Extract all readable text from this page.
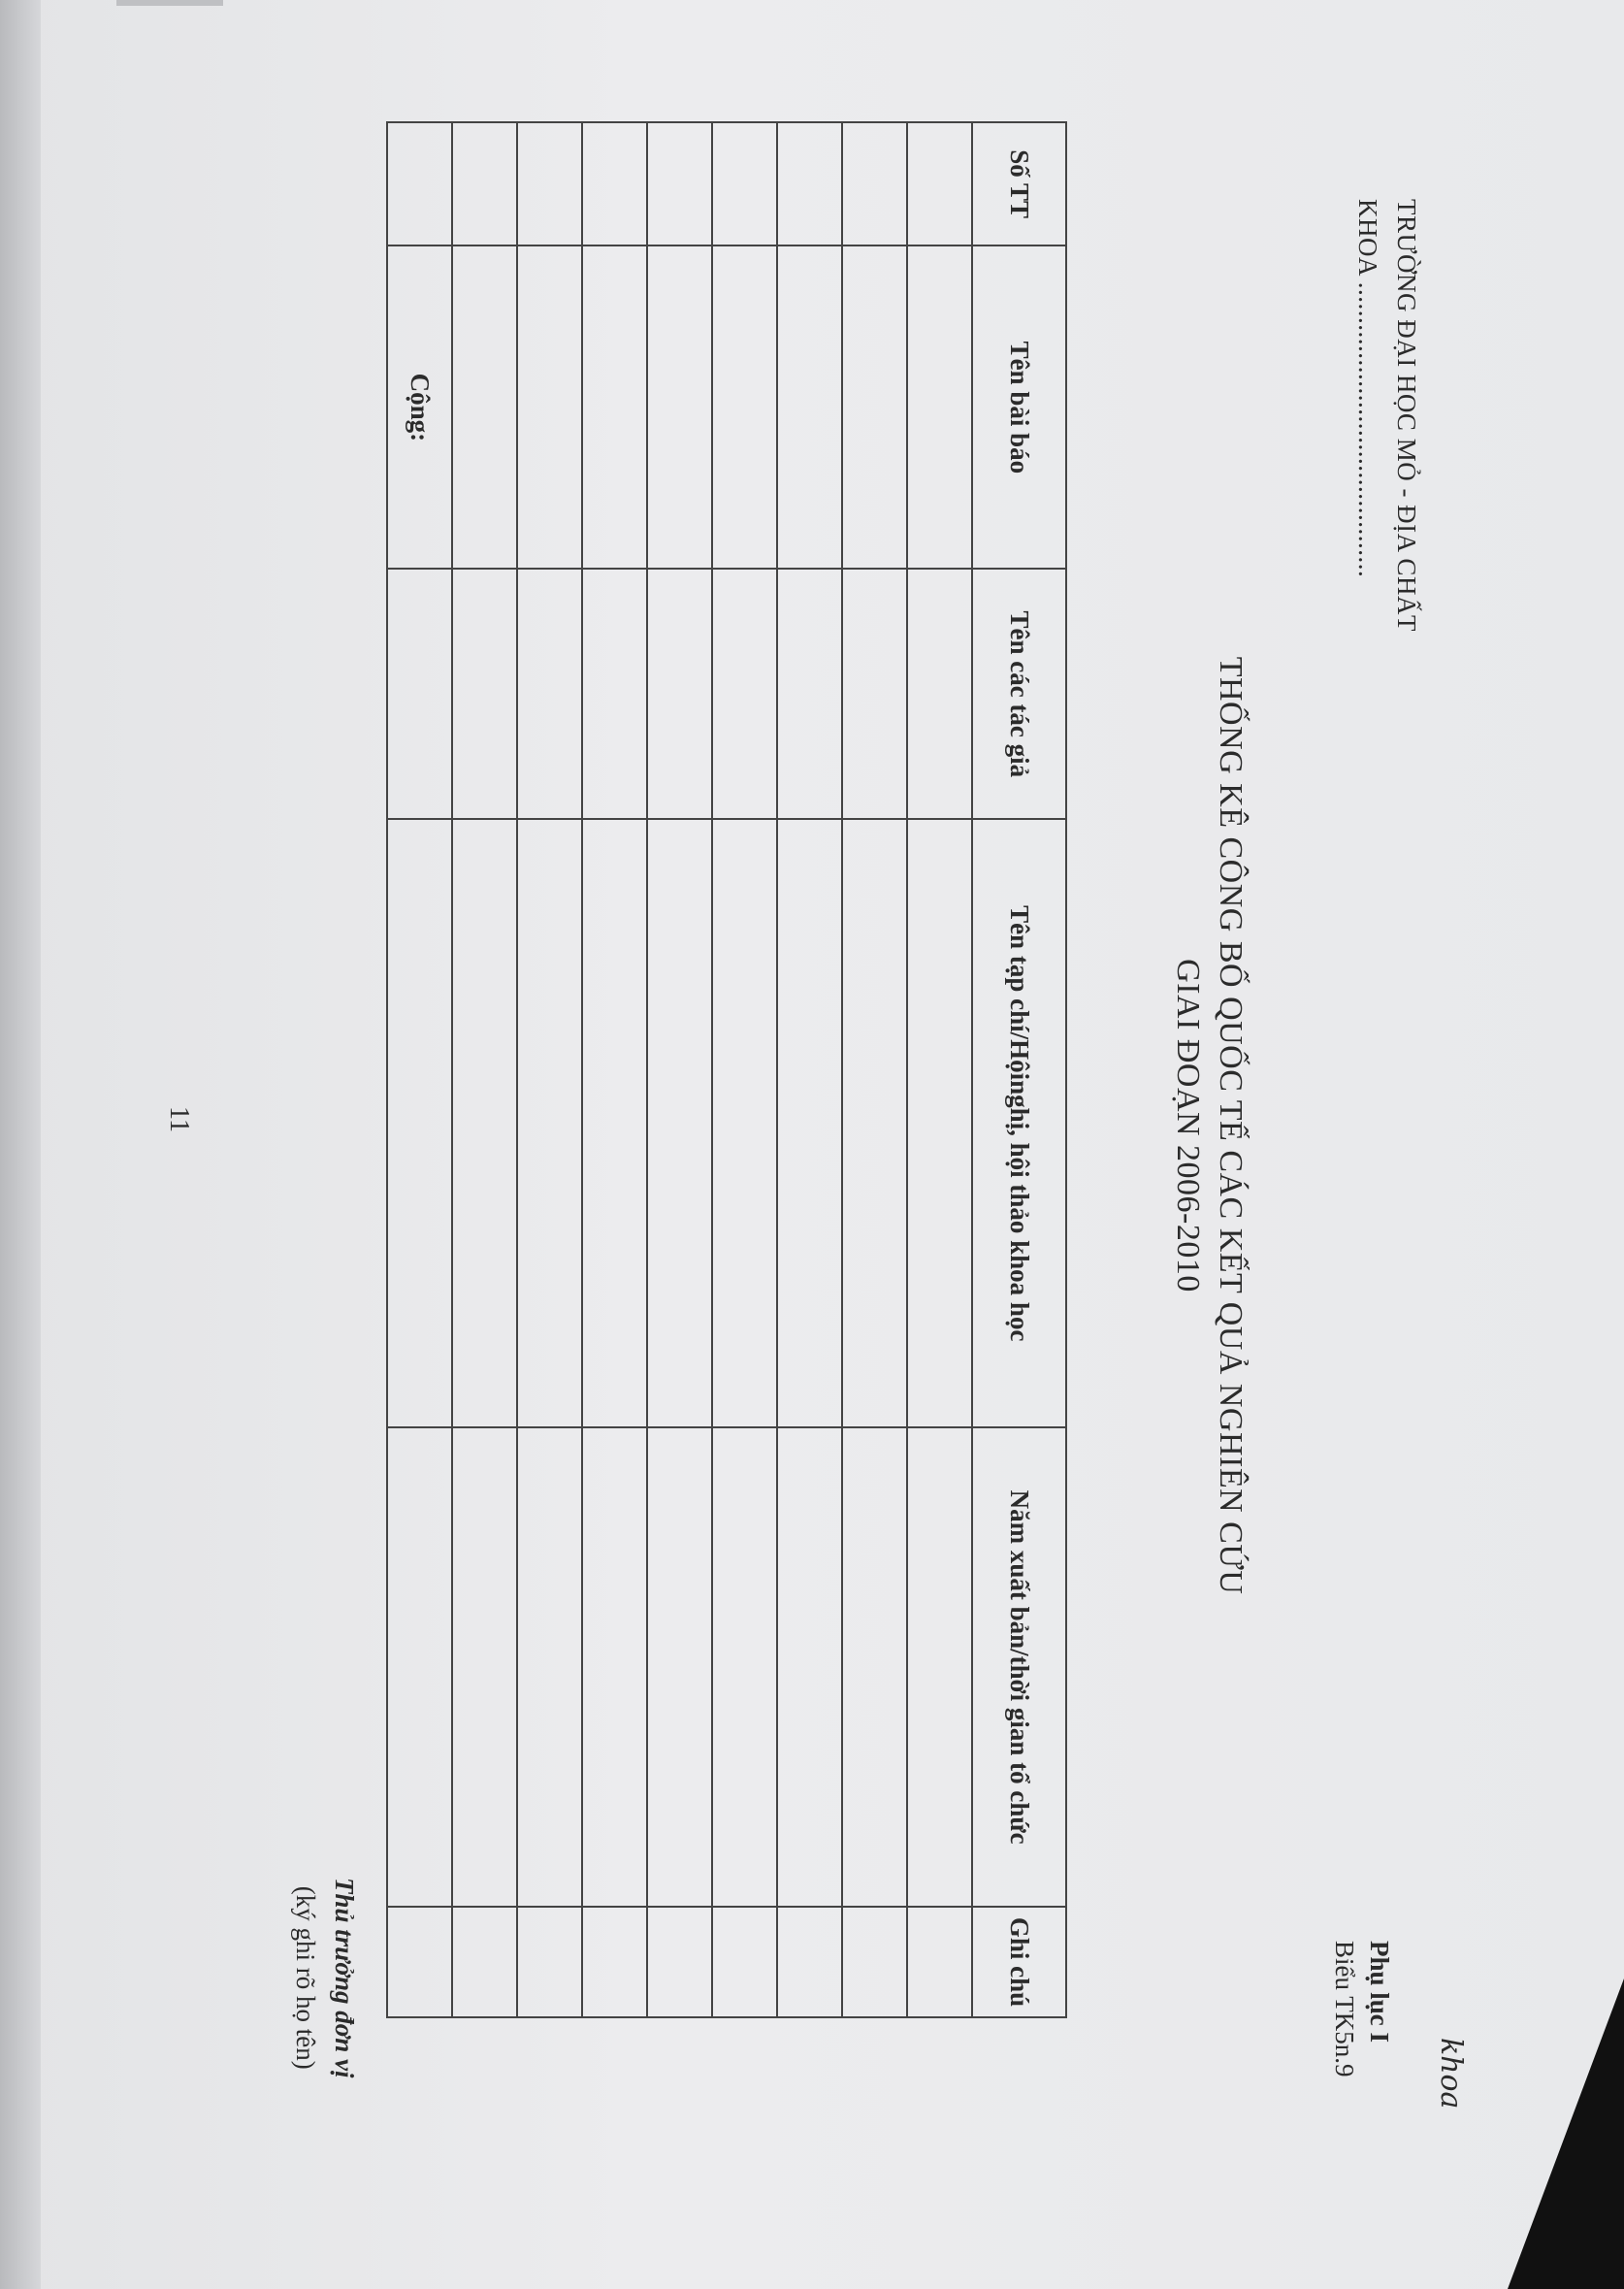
TRƯỜNG ĐẠI HỌC MỎ - ĐỊA CHẤT
KHOA ..........................................
khoa
Phụ lục I
Biểu TK5n.9
THỐNG KÊ CÔNG BỐ QUỐC TẾ CÁC KẾT QUẢ NGHIÊN CỨU
GIAI ĐOẠN 2006-2010
Số TT	Tên bài báo	Tên các tác giả	Tên tạp chí/Hộinghị, hội thảo khoa học	Năm xuất bản/thời gian tổ chức	Ghi chú

	Cộng:				
Thủ trưởng đơn vị
(ký ghi rõ họ tên)
11
